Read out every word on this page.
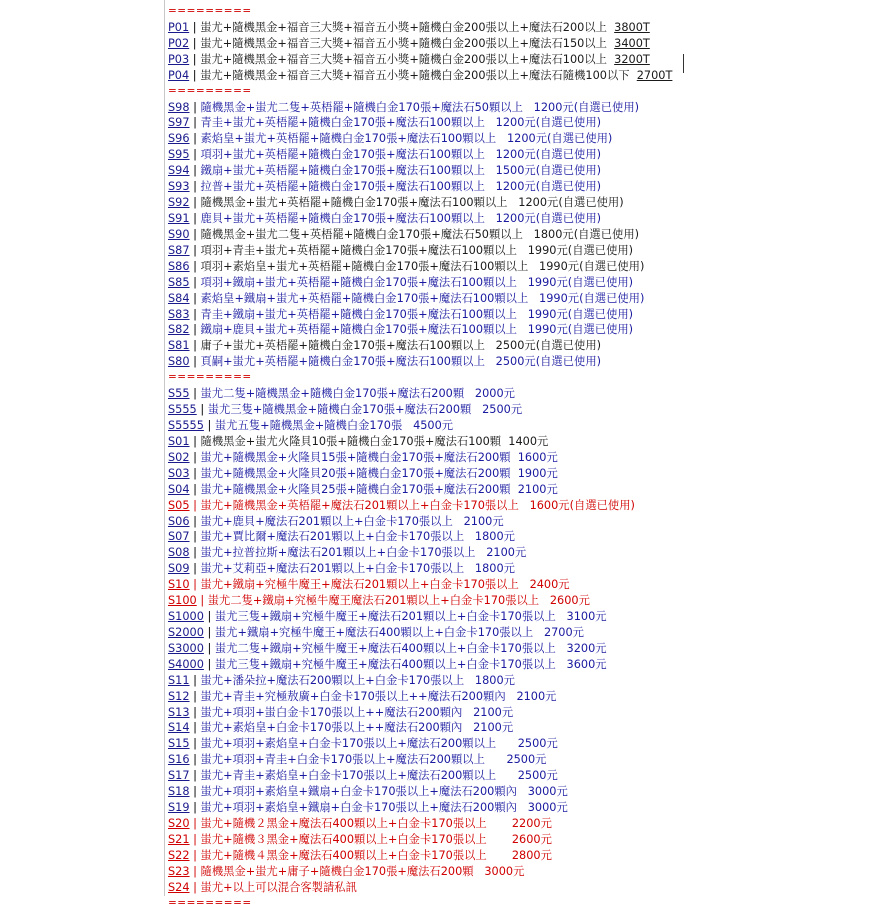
=========
P01 | 蚩尤+隨機黑金+福音三大獎+福音五小獎+隨機白金200張以上+魔法石200以上 3800T
P02 | 蚩尤+隨機黑金+福音三大獎+福音五小獎+隨機白金200張以上+魔法石150以上 3400T
P03 | 蚩尤+隨機黑金+福音三大獎+福音五小獎+隨機白金200張以上+魔法石100以上 3200T
P04 | 蚩尤+隨機黑金+福音三大獎+福音五小獎+隨機白金200張以上+魔法石隨機100以下 2700T
=========
S98 | 隨機黑金+蚩尤二隻+英梧罷+隨機白金170張+魔法石50顆以上 1200元(自選已使用)
S97 | 青圭+蚩尤+英梧罷+隨機白金170張+魔法石100顆以上 1200元(自選已使用)
S96 | 素焰皇+蚩尤+英梧罷+隨機白金170張+魔法石100顆以上 1200元(自選已使用)
S95 | 項羽+蚩尤+英梧罷+隨機白金170張+魔法石100顆以上 1200元(自選已使用)
S94 | 鐵扇+蚩尤+英梧罷+隨機白金170張+魔法石100顆以上 1500元(自選已使用)
S93 | 拉普+蚩尤+英梧罷+隨機白金170張+魔法石100顆以上 1200元(自選已使用)
S92 | 隨機黑金+蚩尤+英梧罷+隨機白金170張+魔法石100顆以上 1200元(自選已使用)
S91 | 鹿貝+蚩尤+英梧罷+隨機白金170張+魔法石100顆以上 1200元(自選已使用)
S90 | 隨機黑金+蚩尤二隻+英梧罷+隨機白金170張+魔法石50顆以上 1800元(自選已使用)
S87 | 項羽+青圭+蚩尤+英梧罷+隨機白金170張+魔法石100顆以上 1990元(自選已使用)
S86 | 項羽+素焰皇+蚩尤+英梧罷+隨機白金170張+魔法石100顆以上 1990元(自選已使用)
S85 | 項羽+鐵扇+蚩尤+英梧罷+隨機白金170張+魔法石100顆以上 1990元(自選已使用)
S84 | 素焰皇+鐵扇+蚩尤+英梧罷+隨機白金170張+魔法石100顆以上 1990元(自選已使用)
S83 | 青圭+鐵扇+蚩尤+英梧罷+隨機白金170張+魔法石100顆以上 1990元(自選已使用)
S82 | 鐵扇+鹿貝+蚩尤+英梧罷+隨機白金170張+魔法石100顆以上 1990元(自選已使用)
S81 | 庸子+蚩尤+英梧罷+隨機白金170張+魔法石100顆以上 2500元(自選已使用)
S80 | 頁嗣+蚩尤+英梧罷+隨機白金170張+魔法石100顆以上 2500元(自選已使用)
=========
S55 | 蚩尤二隻+隨機黑金+隨機白金170張+魔法石200顆 2000元
S555 | 蚩尤三隻+隨機黑金+隨機白金170張+魔法石200顆 2500元
S5555 | 蚩尤五隻+隨機黑金+隨機白金170張 4500元
S01 | 隨機黑金+蚩尤火隆貝10張+隨機白金170張+魔法石100顆 1400元
S02 | 蚩尤+隨機黑金+火隆貝15張+隨機白金170張+魔法石200顆 1600元
S03 | 蚩尤+隨機黑金+火隆貝20張+隨機白金170張+魔法石200顆 1900元
S04 | 蚩尤+隨機黑金+火隆貝25張+隨機白金170張+魔法石200顆 2100元
S05 | 蚩尤+隨機黑金+英梧罷+魔法石201顆以上+白金卡170張以上 1600元(自選已使用)
S06 | 蚩尤+鹿貝+魔法石201顆以上+白金卡170張以上 2100元
S07 | 蚩尤+賈比爾+魔法石201顆以上+白金卡170張以上 1800元
S08 | 蚩尤+拉普拉斯+魔法石201顆以上+白金卡170張以上 2100元
S09 | 蚩尤+艾莉亞+魔法石201顆以上+白金卡170張以上 1800元
S10 | 蚩尤+鐵扇+究極牛魔王+魔法石201顆以上+白金卡170張以上 2400元
S100 | 蚩尤二隻+鐵扇+究極牛魔王魔法石201顆以上+白金卡170張以上 2600元
S1000 | 蚩尤三隻+鐵扇+究極牛魔王+魔法石201顆以上+白金卡170張以上 3100元
S2000 | 蚩尤+鐵扇+究極牛魔王+魔法石400顆以上+白金卡170張以上 2700元
S3000 | 蚩尤二隻+鐵扇+究極牛魔王+魔法石400顆以上+白金卡170張以上 3200元
S4000 | 蚩尤三隻+鐵扇+究極牛魔王+魔法石400顆以上+白金卡170張以上 3600元
S11 | 蚩尤+潘朵拉+魔法石200顆以上+白金卡170張以上 1800元
S12 | 蚩尤+青圭+究極敖廣+白金卡170張以上++魔法石200顆內 2100元
S13 | 蚩尤+項羽+蚩白金卡170張以上++魔法石200顆內 2100元
S14 | 蚩尤+素焰皇+白金卡170張以上++魔法石200顆內 2100元
S15 | 蚩尤+項羽+素焰皇+白金卡170張以上+魔法石200顆以上 2500元
S16 | 蚩尤+項羽+青圭+白金卡170張以上+魔法石200顆以上 2500元
S17 | 蚩尤+青圭+素焰皇+白金卡170張以上+魔法石200顆以上 2500元
S18 | 蚩尤+項羽+素焰皇+鐵扇+白金卡170張以上+魔法石200顆內 3000元
S19 | 蚩尤+項羽+素焰皇+鐵扇+白金卡170張以上+魔法石200顆內 3000元
S20 | 蚩尤+隨機２黑金+魔法石400顆以上+白金卡170張以上 2200元
S21 | 蚩尤+隨機３黑金+魔法石400顆以上+白金卡170張以上 2600元
S22 | 蚩尤+隨機４黑金+魔法石400顆以上+白金卡170張以上 2800元
S23 | 隨機黑金+蚩尤+庸子+隨機白金170張+魔法石200顆 3000元
S24 | 蚩尤+以上可以混合客製請私訊
=========
